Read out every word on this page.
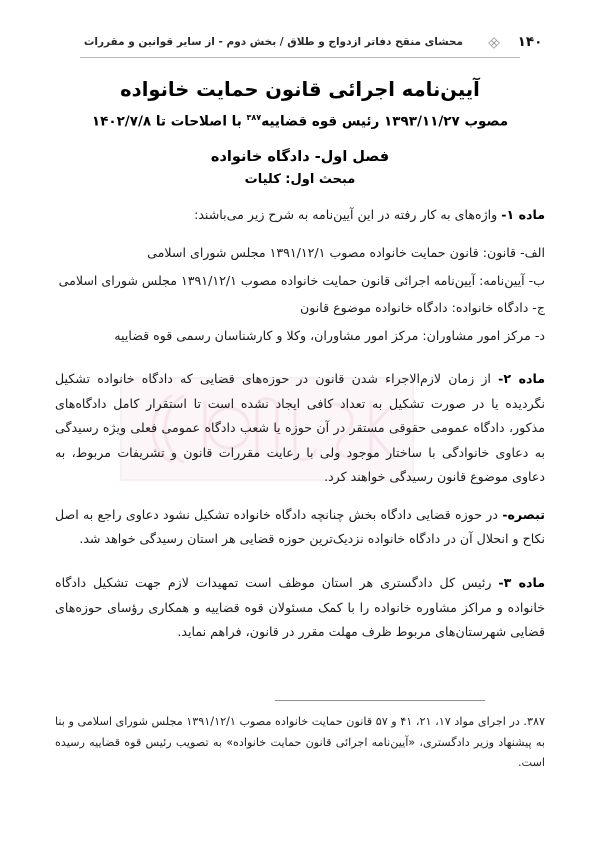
۱۴۰
محشای منقح دفاتر ازدواج و طلاق / بخش دوم - از سایر قوانین و مقررات
آیین‌نامه اجرائی قانون حمایت خانواده

مصوب ۱۳۹۳/۱۱/۲۷ رئیس قوه قضاییه$^{۳۸۷}$ با اصلاحات تا ۱۴۰۲/۷/۸

فصل اول- دادگاه خانواده
مبحث اول: کلیات

ماده ۱- واژه‌های به کار رفته در این آیین‌نامه به شرح زیر می‌باشند:

الف- قانون: قانون حمایت خانواده مصوب ۱۳۹۱/۱۲/۱ مجلس شورای اسلامی

ب- آیین‌نامه: آیین‌نامه اجرائی قانون حمایت خانواده مصوب ۱۳۹۱/۱۲/۱ مجلس شورای اسلامی

ج- دادگاه خانواده: دادگاه خانواده موضوع قانون

د- مرکز امور مشاوران: مرکز امور مشاوران، وکلا و کارشناسان رسمی قوه قضاییه

ماده ۲- از زمان لازم‌الاجراء شدن قانون در حوزه‌های قضایی که دادگاه خانواده تشکیل نگردیده یا در صورت تشکیل به تعداد کافی ایجاد نشده است تا استقرار کامل دادگاه‌های مذکور، دادگاه عمومی حقوقی مستقر در آن حوزه یا شعب دادگاه عمومی فعلی ویژه رسیدگی به دعاوی خانوادگی با ساختار موجود ولی با رعایت مقررات قانون و تشریفات مربوط، به دعاوی موضوع قانون رسیدگی خواهند کرد.

تبصره- در حوزه قضایی دادگاه بخش چنانچه دادگاه خانواده تشکیل نشود دعاوی راجع به اصل نکاح و انحلال آن در دادگاه خانواده نزدیک‌ترین حوزه قضایی هر استان رسیدگی خواهد شد.

ماده ۳- رئیس کل دادگستری هر استان موظف است تمهیدات لازم جهت تشکیل دادگاه خانواده و مراکز مشاوره خانواده را با کمک مسئولان قوه قضاییه و همکاری رؤسای حوزه‌های قضایی شهرستان‌های مربوط ظرف مهلت مقرر در قانون، فراهم نماید.

۳۸۷. در اجرای مواد ۱۷، ۲۱، ۴۱ و ۵۷ قانون حمایت خانواده مصوب ۱۳۹۱/۱۲/۱ مجلس شورای اسلامی و بنا به پیشنهاد وزیر دادگستری، «آیین‌نامه اجرائی قانون حمایت خانواده» به تصویب رئیس قوه قضاییه رسیده است.
